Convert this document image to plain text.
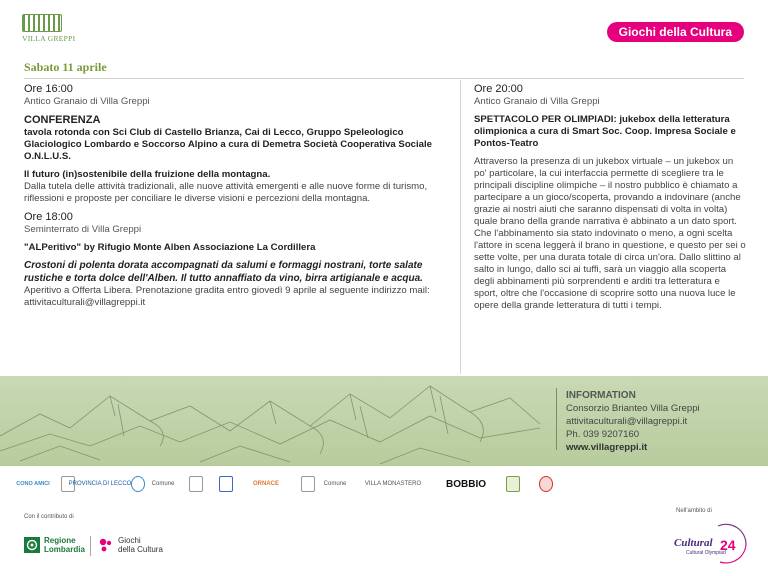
VILLA GREPPI	Giochi della Cultura
Sabato 11 aprile
Ore 16:00
Antico Granaio di Villa Greppi
CONFERENZA
tavola rotonda con Sci Club di Castello Brianza, Cai di Lecco, Gruppo Speleologico Glaciologico Lombardo e Soccorso Alpino a cura di Demetra Società Cooperativa Sociale O.N.L.U.S.
Il futuro (in)sostenibile della fruizione della montagna.
Dalla tutela delle attività tradizionali, alle nuove attività emergenti e alle nuove forme di turismo, riflessioni e proposte per conciliare le diverse visioni e percezioni della montagna.
Ore 18:00
Seminterrato di Villa Greppi
"ALPeritivo" by Rifugio Monte Alben Associazione La Cordillera
Crostoni di polenta dorata accompagnati da salumi e formaggi nostrani, torte salate rustiche e torta dolce dell'Alben. Il tutto annaffiato da vino, birra artigianale e acqua.
Aperitivo a Offerta Libera. Prenotazione gradita entro giovedì 9 aprile al seguente indirizzo mail: attivitaculturali@villagreppi.it
Ore 20:00
Antico Granaio di Villa Greppi
SPETTACOLO PER OLIMPIADI: jukebox della letteratura olimpionica a cura di Smart Soc. Coop. Impresa Sociale e Pontos-Teatro
Attraverso la presenza di un jukebox virtuale – un jukebox un po' particolare, la cui interfaccia permette di scegliere tra le principali discipline olimpiche – il nostro pubblico è chiamato a partecipare a un gioco/scoperta, provando a indovinare (anche grazie ai nostri aiuti che saranno dispensati di volta in volta) quale brano della grande narrativa è abbinato a un dato sport. Che l'abbinamento sia stato indovinato o meno, a ogni scelta l'attore in scena leggerà il brano in questione, e questo per sei o sette volte, per una durata totale di circa un'ora. Dallo slittino al salto in lungo, dallo sci ai tuffi, sarà un viaggio alla scoperta degli abbinamenti più sorprendenti e arditi tra letteratura e sport, oltre che l'occasione di scoprire sotto una nuova luce le opere della grande letteratura di tutti i tempi.
INFORMATION
Consorzio Brianteo Villa Greppi
attivitaculturali@villagreppi.it
Ph. 039 9207160
www.villagreppi.it
CONO AMICI	PROVINCIA DI LECCO	Comune	ORNACE	Comune	VILLA MONASTERO	BOBBIO
Con il contributo di
Regione
Lombardia
Giochi
della Cultura
Nell'ambito di
Cultural 24
Cultural Olympiad
